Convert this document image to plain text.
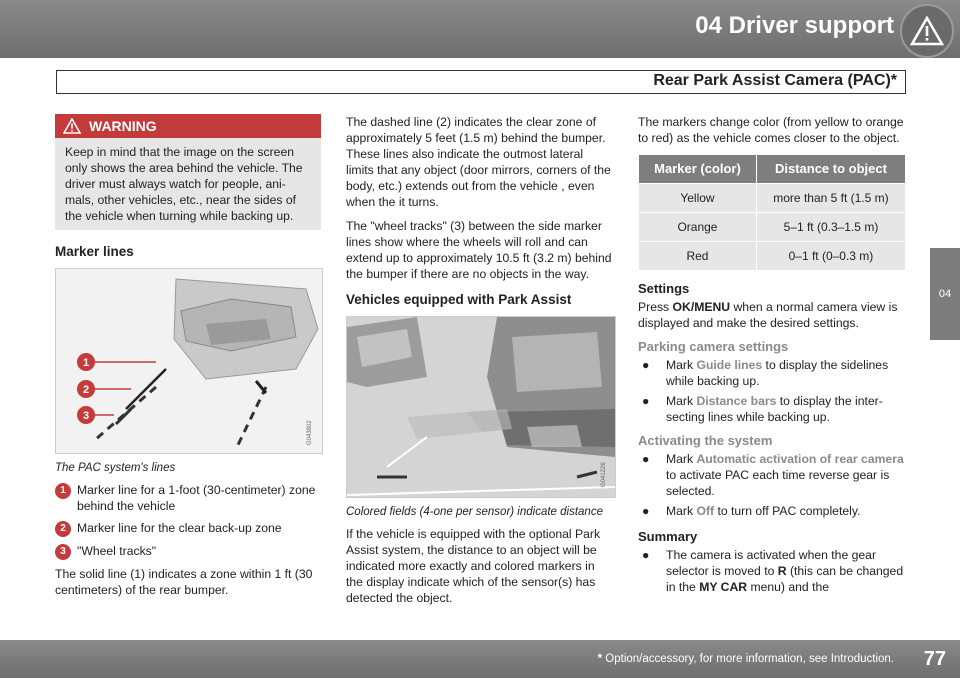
04 Driver support
Rear Park Assist Camera (PAC)*
04
WARNING
Keep in mind that the image on the screen only shows the area behind the vehicle. The driver must always watch for people, ani-mals, other vehicles, etc., near the sides of the vehicle when turning while backing up.
Marker lines
1
2
3
G043802
The PAC system's lines
1 Marker line for a 1-foot (30-centimeter) zone behind the vehicle
2 Marker line for the clear back-up zone
3 "Wheel tracks"

The solid line (1) indicates a zone within 1 ft (30 centimeters) of the rear bumper.

The dashed line (2) indicates the clear zone of approximately 5 feet (1.5 m) behind the bumper. These lines also indicate the outmost lateral limits that any object (door mirrors, corners of the body, etc.) extends out from the vehicle , even when the it turns.

The "wheel tracks" (3) between the side marker lines show where the wheels will roll and can extend up to approximately 10.5 ft (3.2 m) behind the bumper if there are no objects in the way.

Vehicles equipped with Park Assist
G041226
Colored fields (4-one per sensor) indicate distance

If the vehicle is equipped with the optional Park Assist system, the distance to an object will be indicated more exactly and colored markers in the display indicate which of the sensor(s) has detected the object.

The markers change color (from yellow to orange to red) as the vehicle comes closer to the object.

Marker (color)	Distance to object
Yellow	more than 5 ft (1.5 m)
Orange	5–1 ft (0.3–1.5 m)
Red	0–1 ft (0–0.3 m)
Settings

Press OK/MENU when a normal camera view is displayed and make the desired settings.

Parking camera settings
●	Mark Guide lines to display the sidelines while backing up.
●	Mark Distance bars to display the inter-secting lines while backing up.
Activating the system
●	Mark Automatic activation of rear camera to activate PAC each time reverse gear is selected.
●	Mark Off to turn off PAC completely.
Summary
●	The camera is activated when the gear selector is moved to R (this can be changed in the MY CAR menu) and the
* Option/accessory, for more information, see Introduction. 77
